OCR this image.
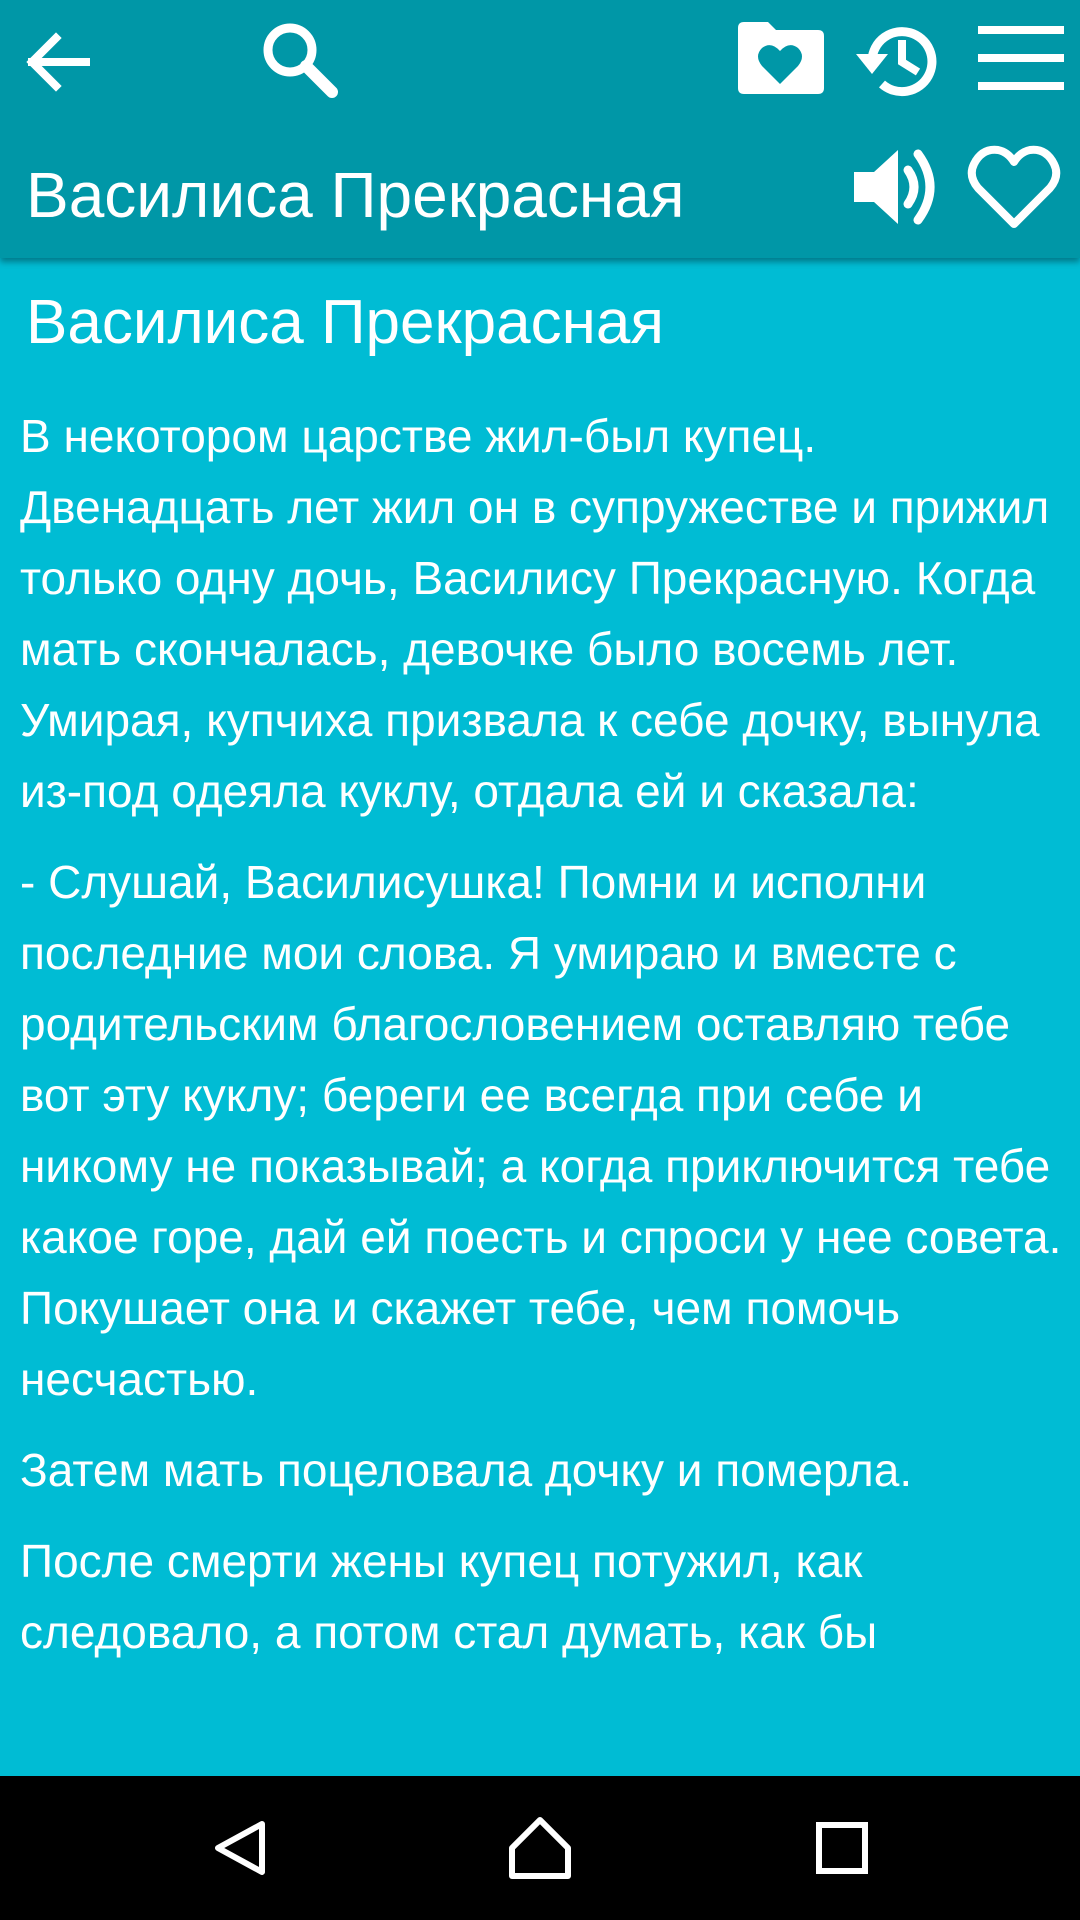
Василиса Прекрасная
Василиса Прекрасная

В некотором царстве жил-был купец. Двенадцать лет жил он в супружестве и прижил только одну дочь, Василису Прекрасную. Когда мать скончалась, девочке было восемь лет. Умирая, купчиха призвала к себе дочку, вынула из-под одеяла куклу, отдала ей и сказала:

- Слушай, Василисушка! Помни и исполни последние мои слова. Я умираю и вместе с родительским благословением оставляю тебе вот эту куклу; береги ее всегда при себе и никому не показывай; а когда приключится тебе какое горе, дай ей поесть и спроси у нее совета. Покушает она и скажет тебе, чем помочь несчастью.

Затем мать поцеловала дочку и померла.

После смерти жены купец потужил, как следовало, а потом стал думать, как бы
